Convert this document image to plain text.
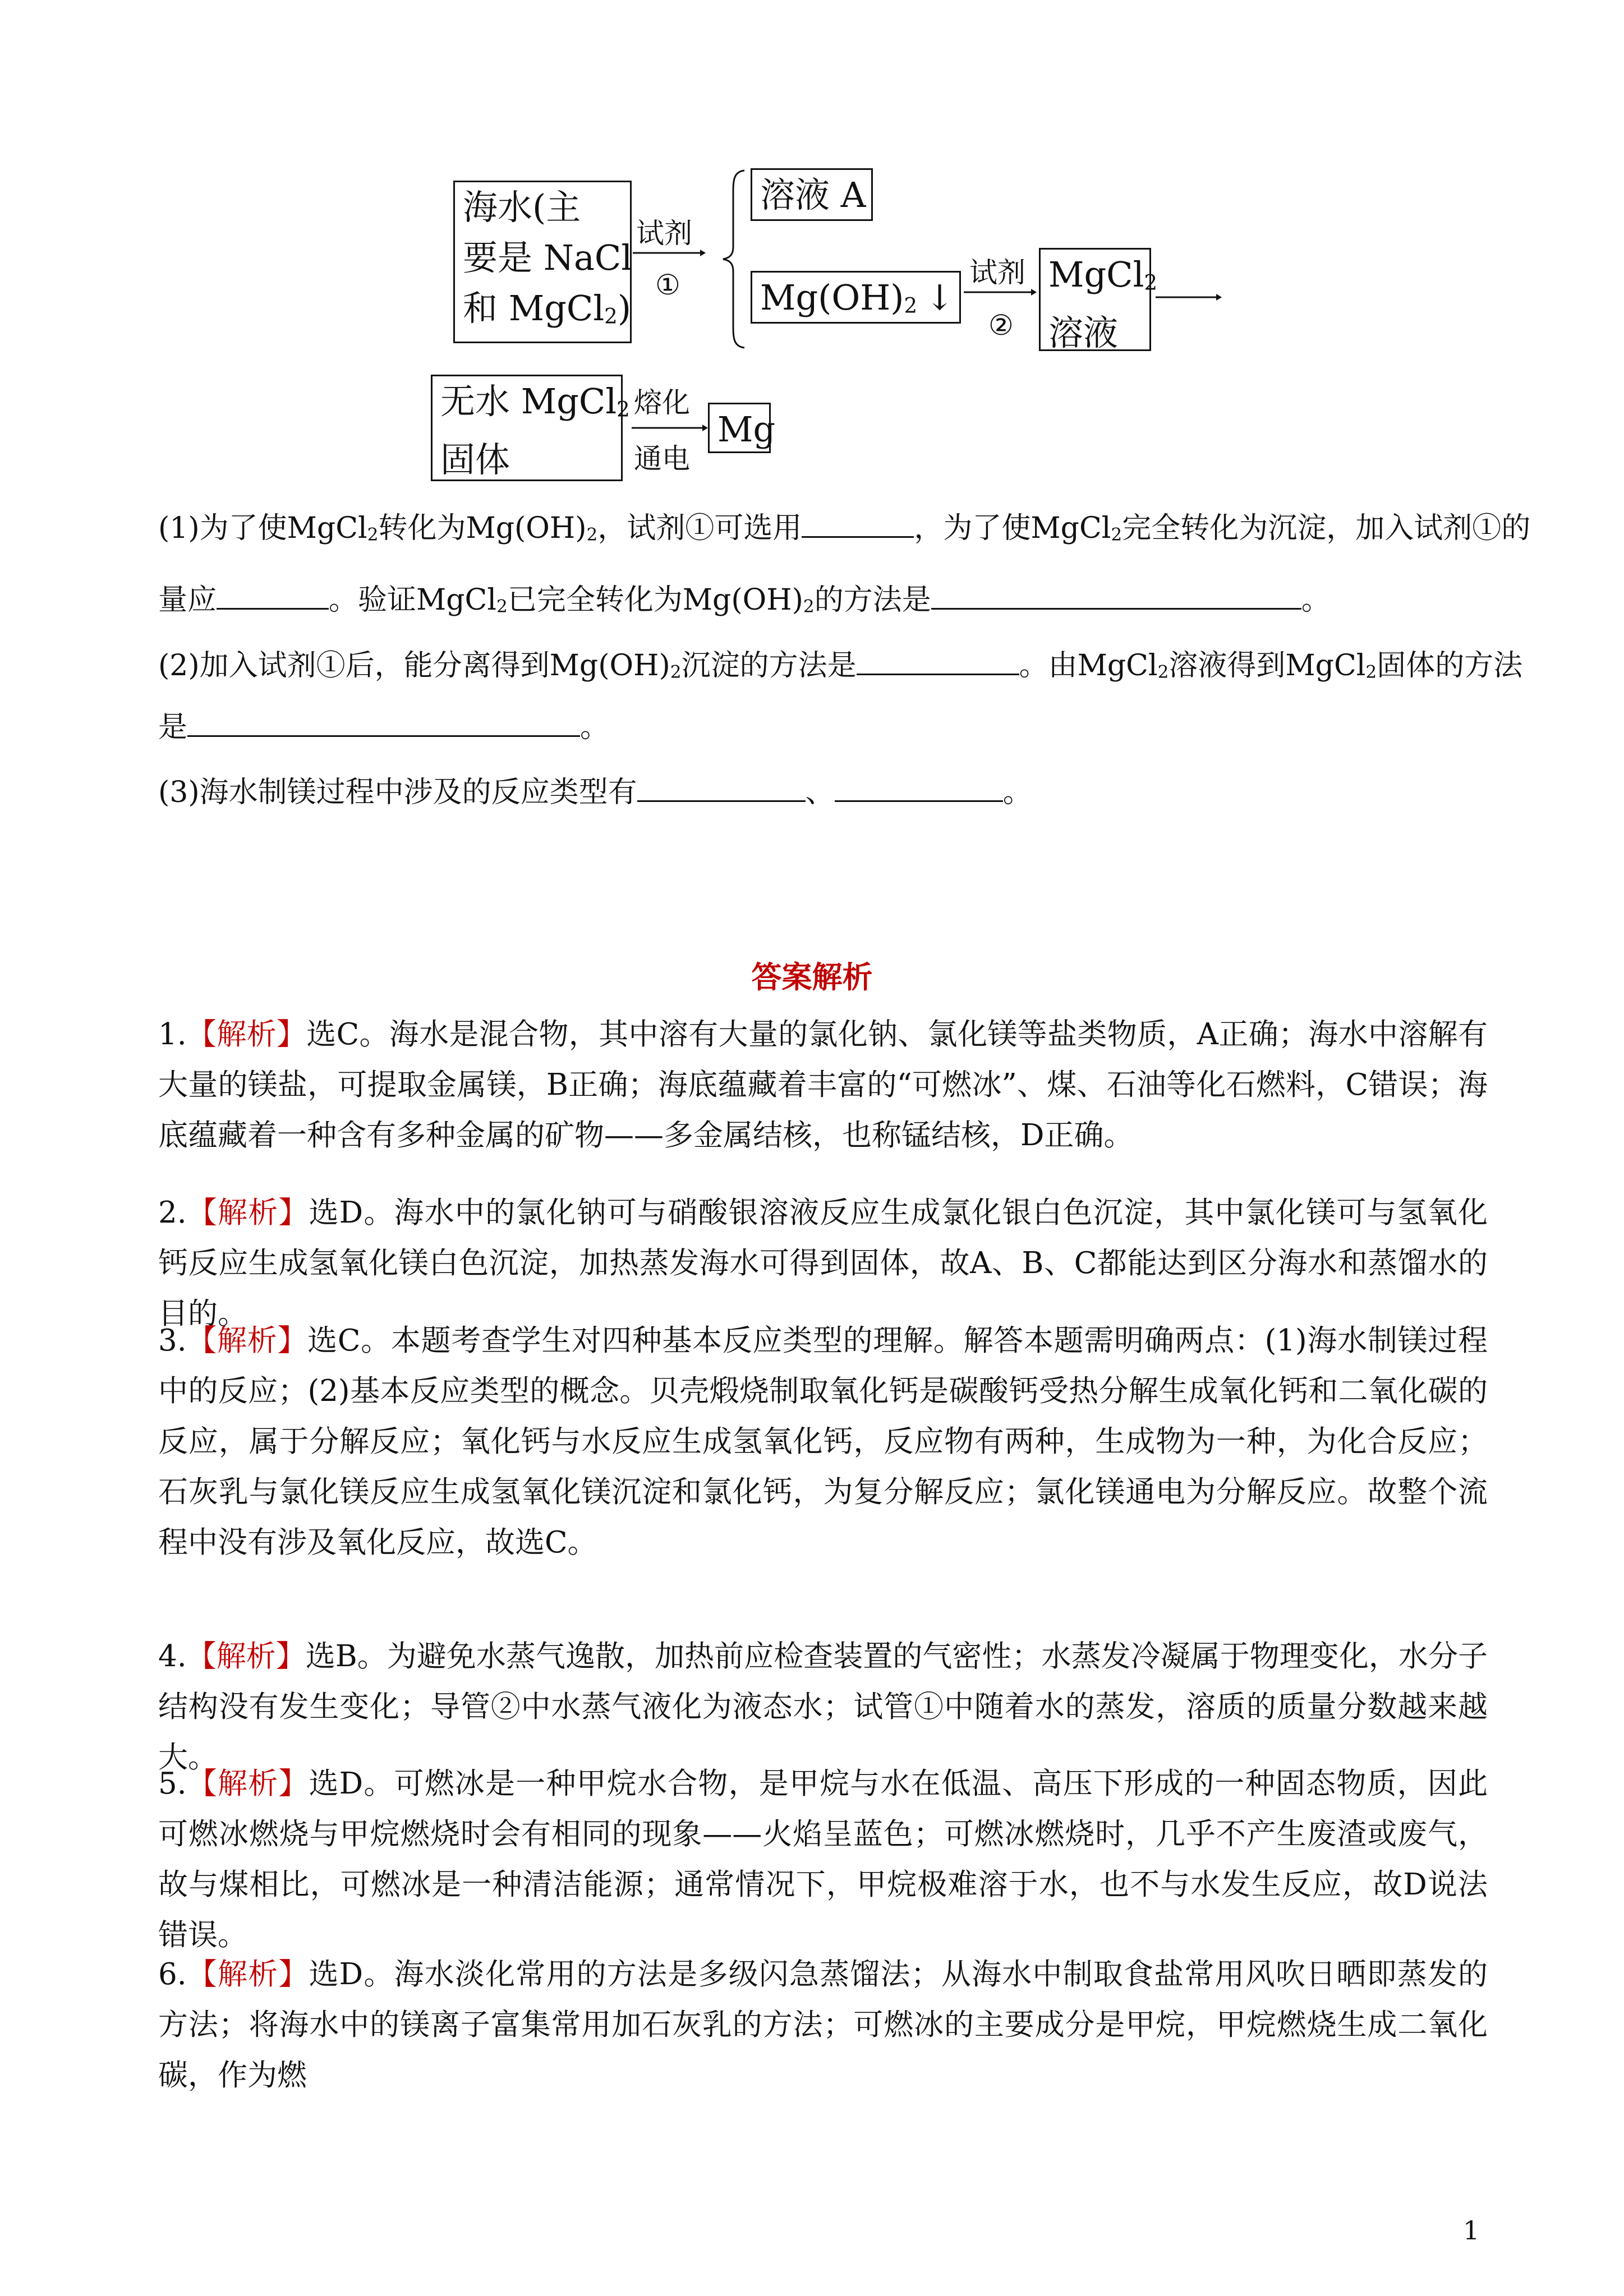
海水(主
要是 NaCl
和 MgCl$_2$)
试剂
①
溶液 A
$Mg(OH)_2$ ↓
试剂
②
MgCl$_2$
溶液
无水 MgCl$_2$
固体
熔化
通电
Mg
(1)为了使MgCl$_2$转化为$Mg(OH)_2$，试剂①可选用	，为了使MgCl$_2$完全转化为沉淀，加入试剂①的
量应	。验证MgCl$_2$已完全转化为$Mg(OH)_2$的方法是	。
(2)加入试剂①后，能分离得到$Mg(OH)_2$沉淀的方法是	。由MgCl$_2$溶液得到MgCl$_2$固体的方法
是	。
(3)海水制镁过程中涉及的反应类型有	、	。
答案解析
1.【解析】选C。海水是混合物，其中溶有大量的氯化钠、氯化镁等盐类物质，A正确；海水中溶解有大量的镁盐，可提取金属镁，B正确；海底蕴藏着丰富的“可燃冰”、煤、石油等化石燃料，C错误；海底蕴藏着一种含有多种金属的矿物——多金属结核，也称锰结核，D正确。
2.【解析】选D。海水中的氯化钠可与硝酸银溶液反应生成氯化银白色沉淀，其中氯化镁可与氢氧化钙反应生成氢氧化镁白色沉淀，加热蒸发海水可得到固体，故A、B、C都能达到区分海水和蒸馏水的目的。
3.【解析】选C。本题考查学生对四种基本反应类型的理解。解答本题需明确两点：(1)海水制镁过程中的反应；(2)基本反应类型的概念。贝壳煅烧制取氧化钙是碳酸钙受热分解生成氧化钙和二氧化碳的反应，属于分解反应；氧化钙与水反应生成氢氧化钙，反应物有两种，生成物为一种，为化合反应；石灰乳与氯化镁反应生成氢氧化镁沉淀和氯化钙，为复分解反应；氯化镁通电为分解反应。故整个流程中没有涉及氧化反应，故选C。
4.【解析】选B。为避免水蒸气逸散，加热前应检查装置的气密性；水蒸发冷凝属于物理变化，水分子结构没有发生变化；导管②中水蒸气液化为液态水；试管①中随着水的蒸发，溶质的质量分数越来越大。
5.【解析】选D。可燃冰是一种甲烷水合物，是甲烷与水在低温、高压下形成的一种固态物质，因此可燃冰燃烧与甲烷燃烧时会有相同的现象——火焰呈蓝色；可燃冰燃烧时，几乎不产生废渣或废气，故与煤相比，可燃冰是一种清洁能源；通常情况下，甲烷极难溶于水，也不与水发生反应，故D说法错误。
6.【解析】选D。海水淡化常用的方法是多级闪急蒸馏法；从海水中制取食盐常用风吹日晒即蒸发的方法；将海水中的镁离子富集常用加石灰乳的方法；可燃冰的主要成分是甲烷，甲烷燃烧生成二氧化碳，作为燃
1
